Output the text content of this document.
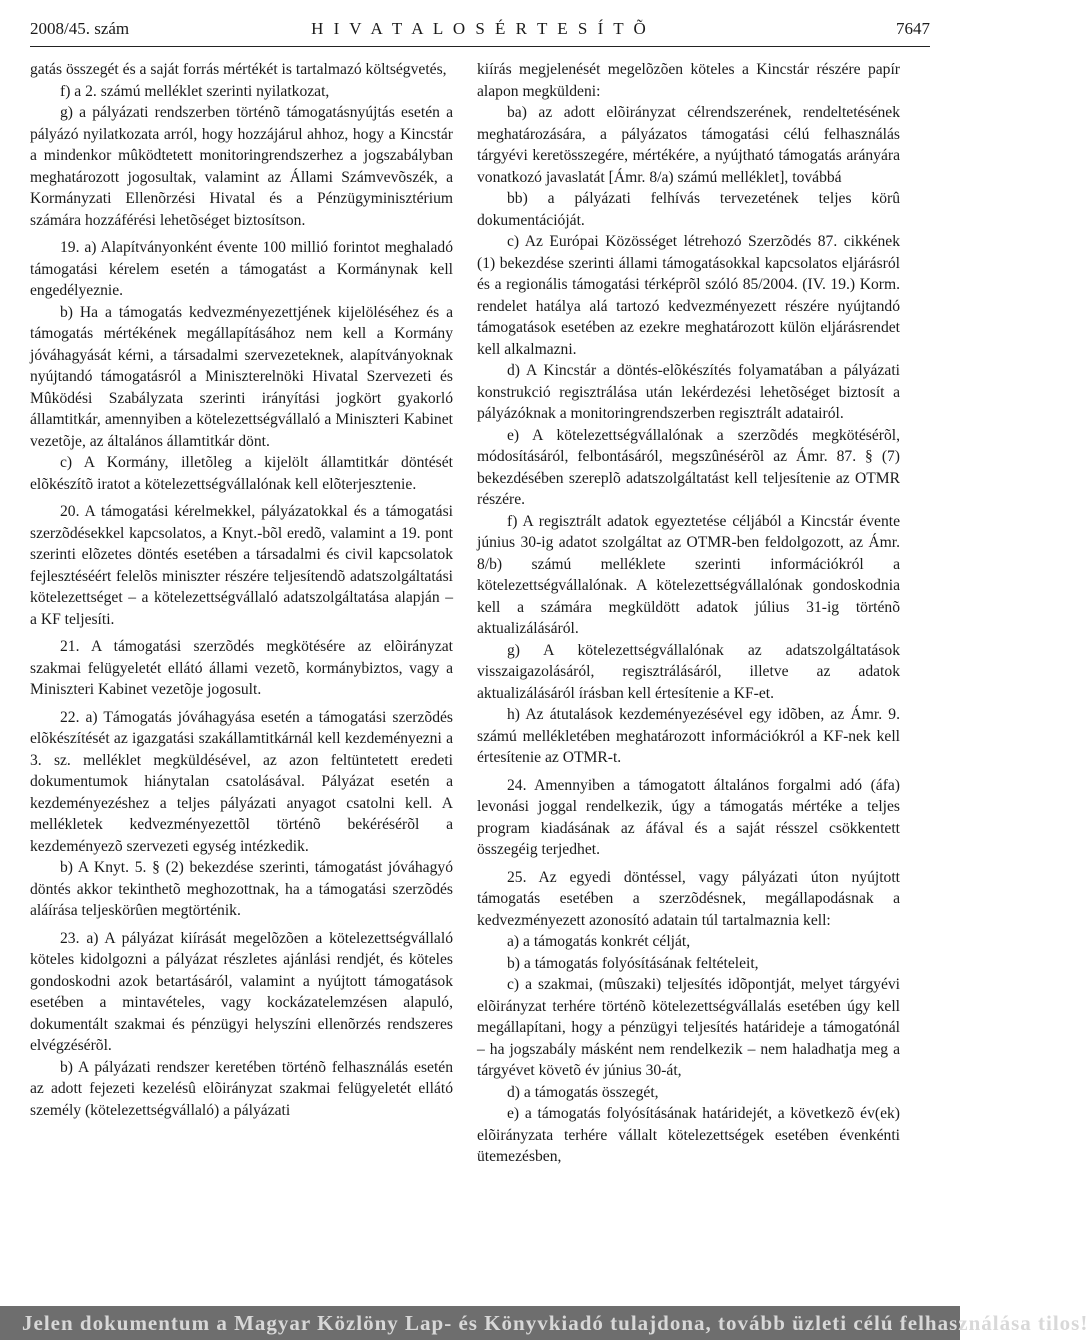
2008/45. szám	H I V A T A L O S É R T E S Í T Õ	7647

gatás összegét és a saját forrás mértékét is tartalmazó költségvetés,

f) a 2. számú melléklet szerinti nyilatkozat,

g) a pályázati rendszerben történõ támogatásnyújtás esetén a pályázó nyilatkozata arról, hogy hozzájárul ahhoz, hogy a Kincstár a mindenkor mûködtetett monitoringrendszerhez a jogszabályban meghatározott jogosultak, valamint az Állami Számvevõszék, a Kormányzati Ellenõrzési Hivatal és a Pénzügyminisztérium számára hozzáférési lehetõséget biztosítson.

19. a) Alapítványonként évente 100 millió forintot meghaladó támogatási kérelem esetén a támogatást a Kormánynak kell engedélyeznie.

b) Ha a támogatás kedvezményezettjének kijelöléséhez és a támogatás mértékének megállapításához nem kell a Kormány jóváhagyását kérni, a társadalmi szervezeteknek, alapítványoknak nyújtandó támogatásról a Miniszterelnöki Hivatal Szervezeti és Mûködési Szabályzata szerinti irányítási jogkört gyakorló államtitkár, amennyiben a kötelezettségvállaló a Miniszteri Kabinet vezetõje, az általános államtitkár dönt.

c) A Kormány, illetõleg a kijelölt államtitkár döntését elõkészítõ iratot a kötelezettségvállalónak kell elõterjesztenie.

20. A támogatási kérelmekkel, pályázatokkal és a támogatási szerzõdésekkel kapcsolatos, a Knyt.-bõl eredõ, valamint a 19. pont szerinti elõzetes döntés esetében a társadalmi és civil kapcsolatok fejlesztéséért felelõs miniszter részére teljesítendõ adatszolgáltatási kötelezettséget – a kötelezettségvállaló adatszolgáltatása alapján – a KF teljesíti.

21. A támogatási szerzõdés megkötésére az elõirányzat szakmai felügyeletét ellátó állami vezetõ, kormánybiztos, vagy a Miniszteri Kabinet vezetõje jogosult.

22. a) Támogatás jóváhagyása esetén a támogatási szerzõdés elõkészítését az igazgatási szakállamtitkárnál kell kezdeményezni a 3. sz. melléklet megküldésével, az azon feltüntetett eredeti dokumentumok hiánytalan csatolásával. Pályázat esetén a kezdeményezéshez a teljes pályázati anyagot csatolni kell. A mellékletek kedvezményezettõl történõ bekérésérõl a kezdeményezõ szervezeti egység intézkedik.

b) A Knyt. 5. § (2) bekezdése szerinti, támogatást jóváhagyó döntés akkor tekinthetõ meghozottnak, ha a támogatási szerzõdés aláírása teljeskörûen megtörténik.

23. a) A pályázat kiírását megelõzõen a kötelezettségvállaló köteles kidolgozni a pályázat részletes ajánlási rendjét, és köteles gondoskodni azok betartásáról, valamint a nyújtott támogatások esetében a mintavételes, vagy kockázatelemzésen alapuló, dokumentált szakmai és pénzügyi helyszíni ellenõrzés rendszeres elvégzésérõl.

b) A pályázati rendszer keretében történõ felhasználás esetén az adott fejezeti kezelésû elõirányzat szakmai felügyeletét ellátó személy (kötelezettségvállaló) a pályázati

kiírás megjelenését megelõzõen köteles a Kincstár részére papír alapon megküldeni:

ba) az adott elõirányzat célrendszerének, rendeltetésének meghatározására, a pályázatos támogatási célú felhasználás tárgyévi keretösszegére, mértékére, a nyújtható támogatás arányára vonatkozó javaslatát [Ámr. 8/a) számú melléklet], továbbá

bb) a pályázati felhívás tervezetének teljes körû dokumentációját.

c) Az Európai Közösséget létrehozó Szerzõdés 87. cikkének (1) bekezdése szerinti állami támogatásokkal kapcsolatos eljárásról és a regionális támogatási térképrõl szóló 85/2004. (IV. 19.) Korm. rendelet hatálya alá tartozó kedvezményezett részére nyújtandó támogatások esetében az ezekre meghatározott külön eljárásrendet kell alkalmazni.

d) A Kincstár a döntés-elõkészítés folyamatában a pályázati konstrukció regisztrálása után lekérdezési lehetõséget biztosít a pályázóknak a monitoringrendszerben regisztrált adatairól.

e) A kötelezettségvállalónak a szerzõdés megkötésérõl, módosításáról, felbontásáról, megszûnésérõl az Ámr. 87. § (7) bekezdésében szereplõ adatszolgáltatást kell teljesítenie az OTMR részére.

f) A regisztrált adatok egyeztetése céljából a Kincstár évente június 30-ig adatot szolgáltat az OTMR-ben feldolgozott, az Ámr. 8/b) számú melléklete szerinti információkról a kötelezettségvállalónak. A kötelezettségvállalónak gondoskodnia kell a számára megküldött adatok július 31-ig történõ aktualizálásáról.

g) A kötelezettségvállalónak az adatszolgáltatások visszaigazolásáról, regisztrálásáról, illetve az adatok aktualizálásáról írásban kell értesítenie a KF-et.

h) Az átutalások kezdeményezésével egy idõben, az Ámr. 9. számú mellékletében meghatározott információkról a KF-nek kell értesítenie az OTMR-t.

24. Amennyiben a támogatott általános forgalmi adó (áfa) levonási joggal rendelkezik, úgy a támogatás mértéke a teljes program kiadásának az áfával és a saját résszel csökkentett összegéig terjedhet.

25. Az egyedi döntéssel, vagy pályázati úton nyújtott támogatás esetében a szerzõdésnek, megállapodásnak a kedvezményezett azonosító adatain túl tartalmaznia kell:

a) a támogatás konkrét célját,

b) a támogatás folyósításának feltételeit,

c) a szakmai, (mûszaki) teljesítés idõpontját, melyet tárgyévi elõirányzat terhére történõ kötelezettségvállalás esetében úgy kell megállapítani, hogy a pénzügyi teljesítés határideje a támogatónál – ha jogszabály másként nem rendelkezik – nem haladhatja meg a tárgyévet követõ év június 30-át,

d) a támogatás összegét,

e) a támogatás folyósításának határidejét, a következõ év(ek) elõirányzata terhére vállalt kötelezettségek esetében évenkénti ütemezésben,

Jelen dokumentum a Magyar Közlöny Lap- és Könyvkiadó tulajdona, tovább üzleti célú felhasználása tilos!
